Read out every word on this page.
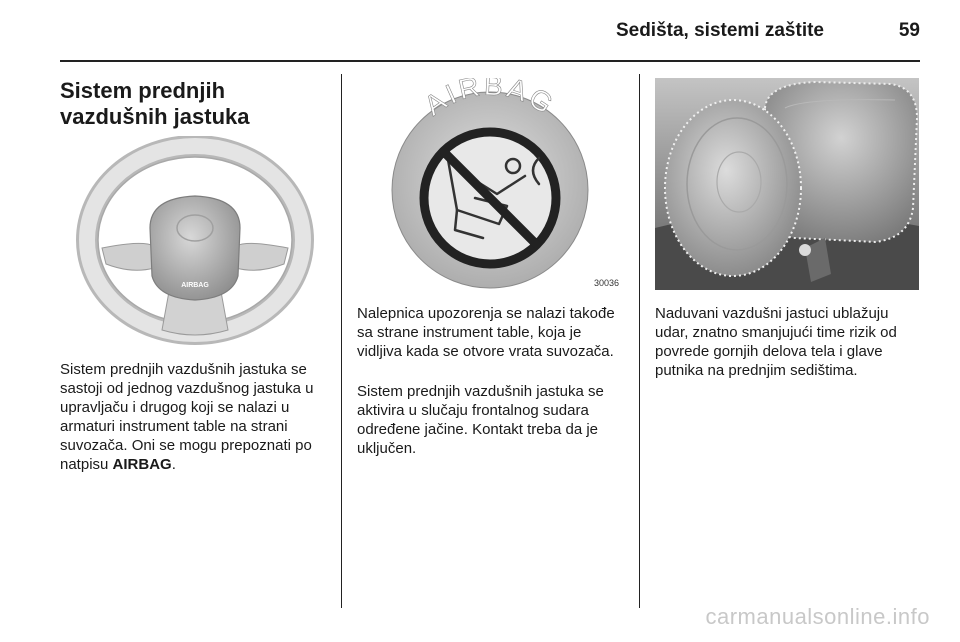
Sedišta, sistemi zaštite	59
Sistem prednjih vazdušnih jastuka
AIRBAG

Sistem prednjih vazdušnih jastuka se sastoji od jednog vazdušnog jastuka u upravljaču i drugog koji se nalazi u armaturi instrument table na strani suvozača. Oni se mogu prepoznati po natpisu AIRBAG.

AIRBAG
30036

Nalepnica upozorenja se nalazi takođe sa strane instrument table, koja je vidljiva kada se otvore vrata suvozača.

Sistem prednjih vazdušnih jastuka se aktivira u slučaju frontalnog sudara određene jačine. Kontakt treba da je uključen.

Naduvani vazdušni jastuci ublažuju udar, znatno smanjujući time rizik od povrede gornjih delova tela i glave putnika na prednjim sedištima.

carmanualsonline.info
